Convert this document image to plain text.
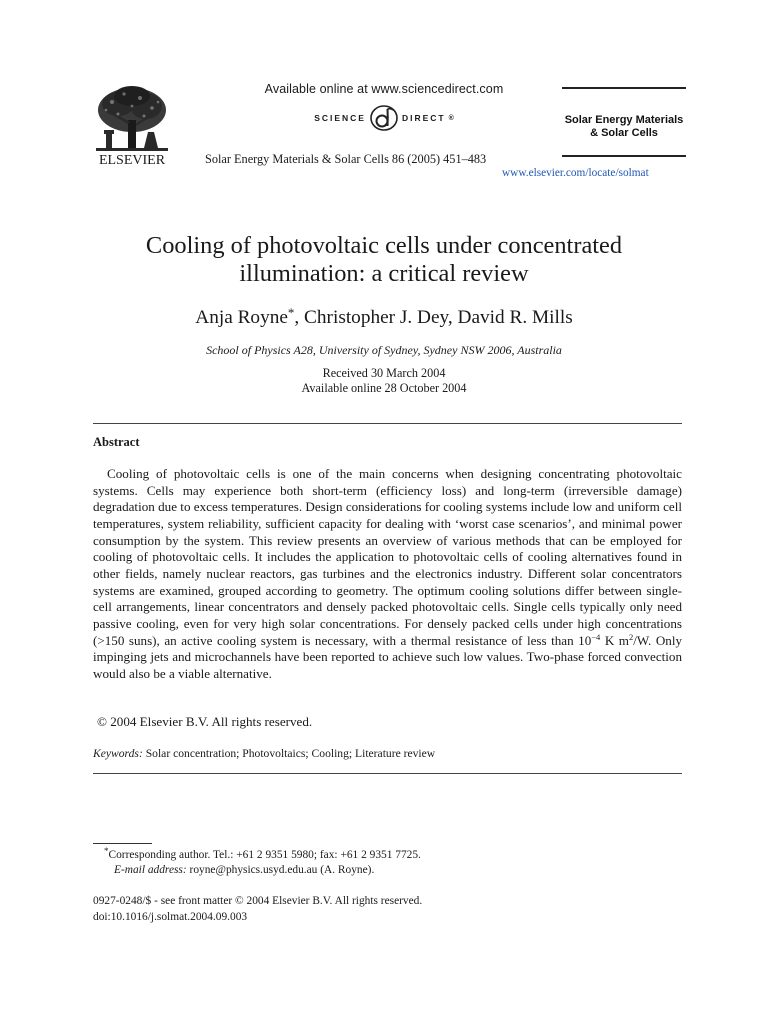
ELSEVIER
Available online at www.sciencedirect.com
SCIENCE	DIRECT ®
Solar Energy Materials & Solar Cells 86 (2005) 451–483
Solar Energy Materials
& Solar Cells
www.elsevier.com/locate/solmat
Cooling of photovoltaic cells under concentrated
illumination: a critical review
Anja Royne*, Christopher J. Dey, David R. Mills
School of Physics A28, University of Sydney, Sydney NSW 2006, Australia
Received 30 March 2004
Available online 28 October 2004
Abstract
Cooling of photovoltaic cells is one of the main concerns when designing concentrating photovoltaic systems. Cells may experience both short-term (efficiency loss) and long-term (irreversible damage) degradation due to excess temperatures. Design considerations for cooling systems include low and uniform cell temperatures, system reliability, sufficient capacity for dealing with ‘worst case scenarios’, and minimal power consumption by the system. This review presents an overview of various methods that can be employed for cooling of photovoltaic cells. It includes the application to photovoltaic cells of cooling alternatives found in other fields, namely nuclear reactors, gas turbines and the electronics industry. Different solar concentrators systems are examined, grouped according to geometry. The optimum cooling solutions differ between single-cell arrangements, linear concentrators and densely packed photovoltaic cells. Single cells typically only need passive cooling, even for very high solar concentrations. For densely packed cells under high concentrations (>150 suns), an active cooling system is necessary, with a thermal resistance of less than $10^{-4}$ K $m^2/W$. Only impinging jets and microchannels have been reported to achieve such low values. Two-phase forced convection would also be a viable alternative.
© 2004 Elsevier B.V. All rights reserved.
Keywords: Solar concentration; Photovoltaics; Cooling; Literature review
*Corresponding author. Tel.: +61 2 9351 5980; fax: +61 2 9351 7725.
E-mail address: royne@physics.usyd.edu.au (A. Royne).
0927-0248/$ - see front matter © 2004 Elsevier B.V. All rights reserved.
doi:10.1016/j.solmat.2004.09.003
